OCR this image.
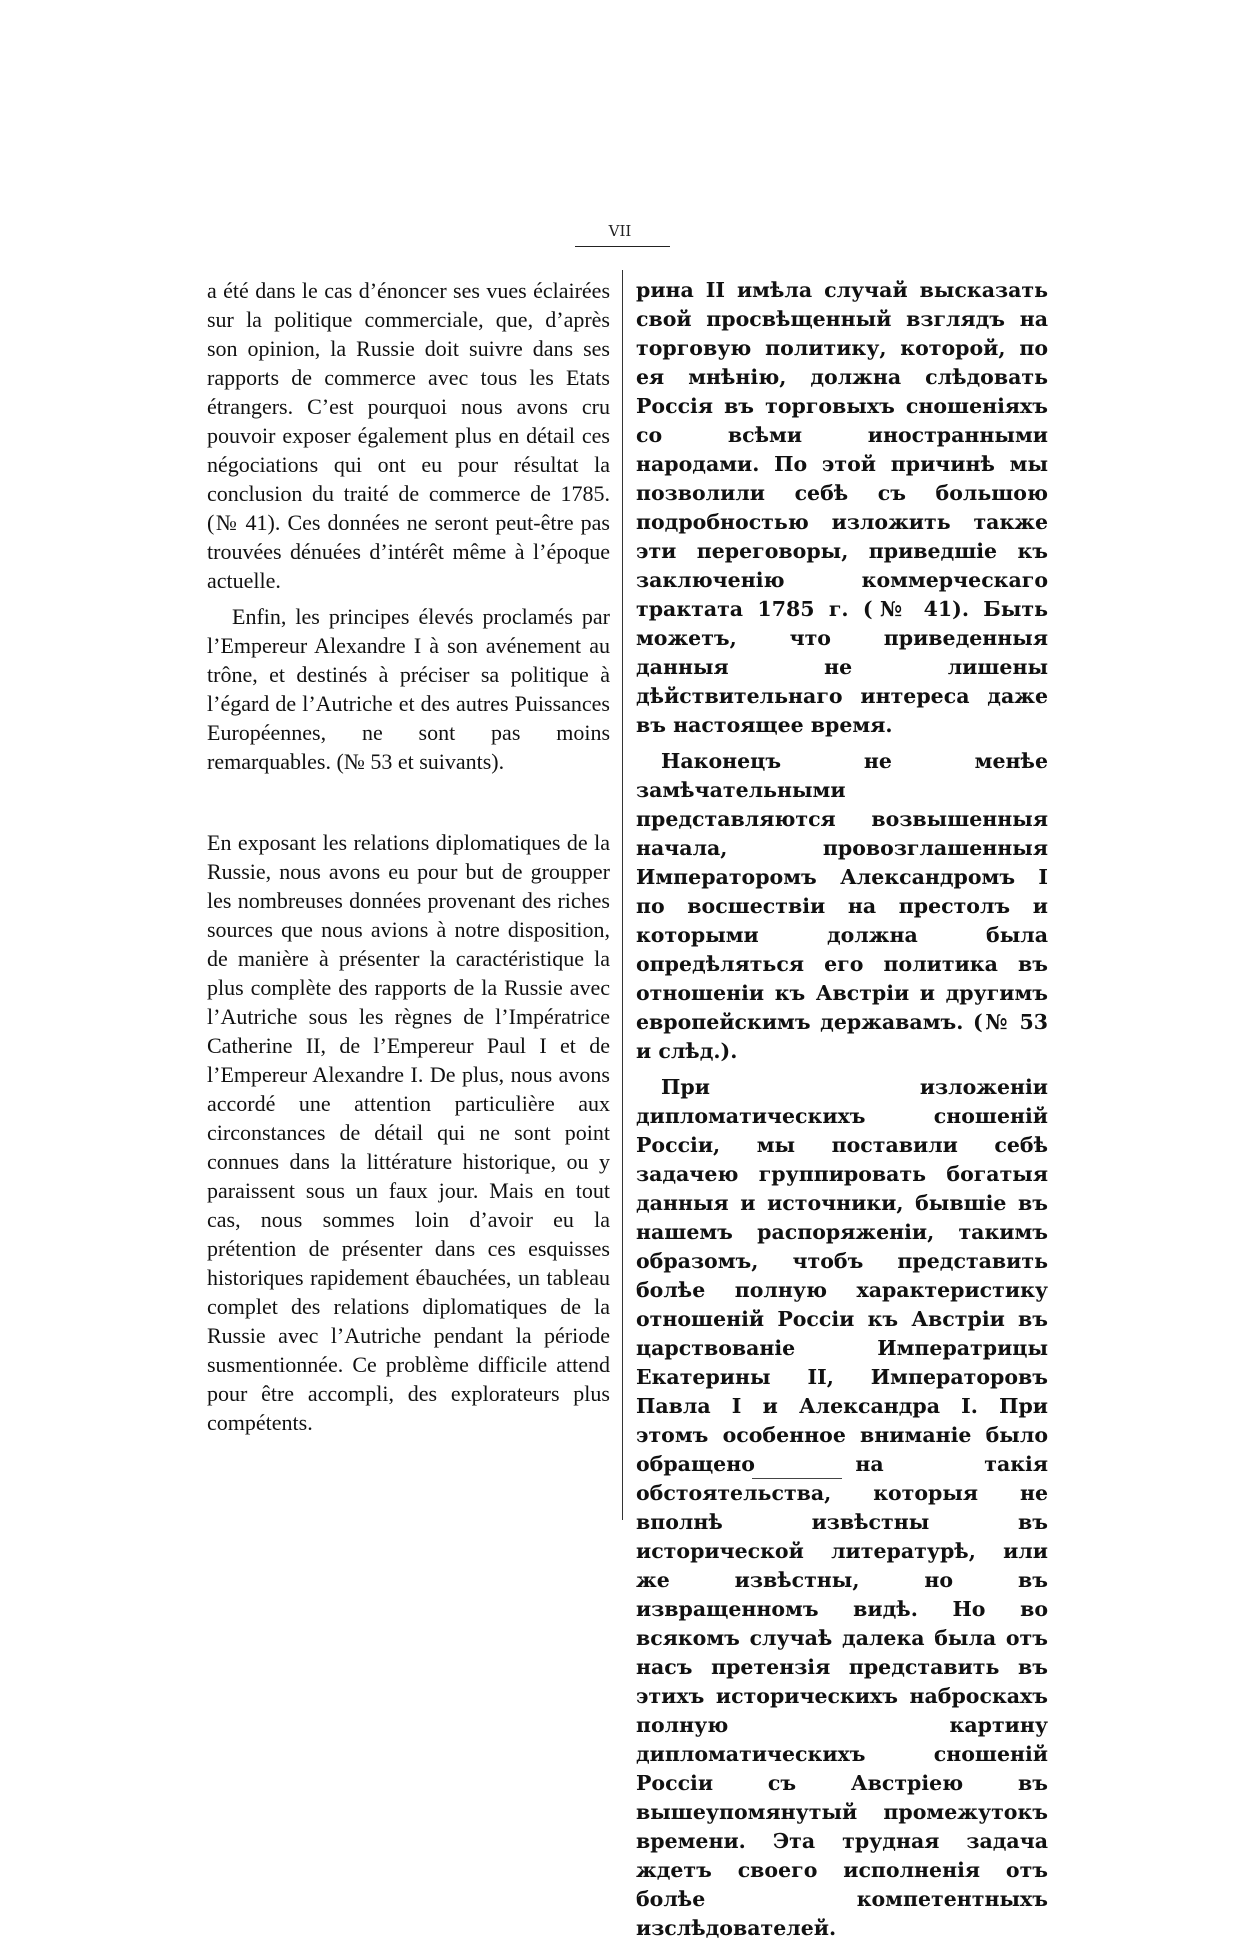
VII

a été dans le cas d’énoncer ses vues éclairées sur la politique commerciale, que, d’après son opinion, la Russie doit suivre dans ses rapports de commerce avec tous les Etats étrangers. C’est pourquoi nous avons cru pouvoir exposer également plus en détail ces négociations qui ont eu pour résultat la conclusion du traité de commerce de 1785. (№ 41). Ces données ne seront peut-être pas trouvées dénuées d’intérêt même à l’époque actuelle.

Enfin, les principes élevés proclamés par l’Empereur Alexandre I à son avénement au trône, et destinés à préciser sa politique à l’égard de l’Autriche et des autres Puissances Européennes, ne sont pas moins remarquables. (№ 53 et suivants).

En exposant les relations diplomatiques de la Russie, nous avons eu pour but de groupper les nombreuses données provenant des riches sources que nous avions à notre disposition, de manière à présenter la caractéristique la plus complète des rapports de la Russie avec l’Autriche sous les règnes de l’Impératrice Catherine II, de l’Empereur Paul I et de l’Empereur Alexandre I. De plus, nous avons accordé une attention particulière aux circonstances de détail qui ne sont point connues dans la littérature historique, ou y paraissent sous un faux jour. Mais en tout cas, nous sommes loin d’avoir eu la prétention de présenter dans ces esquisses historiques rapidement ébauchées, un tableau complet des relations diplomatiques de la Russie avec l’Autriche pendant la période susmentionnée. Ce problème difficile attend pour être accompli, des explorateurs plus compétents.

рина II имѣла случай высказать свой просвѣщенный взглядъ на торговую политику, которой, по ея мнѣнію, должна слѣдовать Россія въ торговыхъ сношеніяхъ со всѣми иностранными народами. По этой причинѣ мы позволили себѣ съ большою подробностью изложить также эти переговоры, приведшіе къ заключенію коммерческаго трактата 1785 г. (№ 41). Быть можетъ, что приведенныя данныя не лишены дѣйствительнаго интереса даже въ настоящее время.

Наконецъ не менѣе замѣчательными представляются возвышенныя начала, провозглашенныя Императоромъ Александромъ I по восшествіи на престолъ и которыми должна была опредѣляться его политика въ отношеніи къ Австріи и другимъ европейскимъ державамъ. (№ 53 и слѣд.).

При изложеніи дипломатическихъ сношеній Россіи, мы поставили себѣ задачею группировать богатыя данныя и источники, бывшіе въ нашемъ распоряженіи, такимъ образомъ, чтобъ представить болѣе полную характеристику отношеній Россіи къ Австріи въ царствованіе Императрицы Екатерины II, Императоровъ Павла I и Александра I. При этомъ особенное вниманіе было обращено на такія обстоятельства, которыя не вполнѣ извѣстны въ исторической литературѣ, или же извѣстны, но въ извращенномъ видѣ. Но во всякомъ случаѣ далека была отъ насъ претензія представить въ этихъ историческихъ наброскахъ полную картину дипломатическихъ сношеній Россіи съ Австріею въ вышеупомянутый промежутокъ времени. Эта трудная задача ждетъ своего исполненія отъ болѣе компетентныхъ изслѣдователей.
